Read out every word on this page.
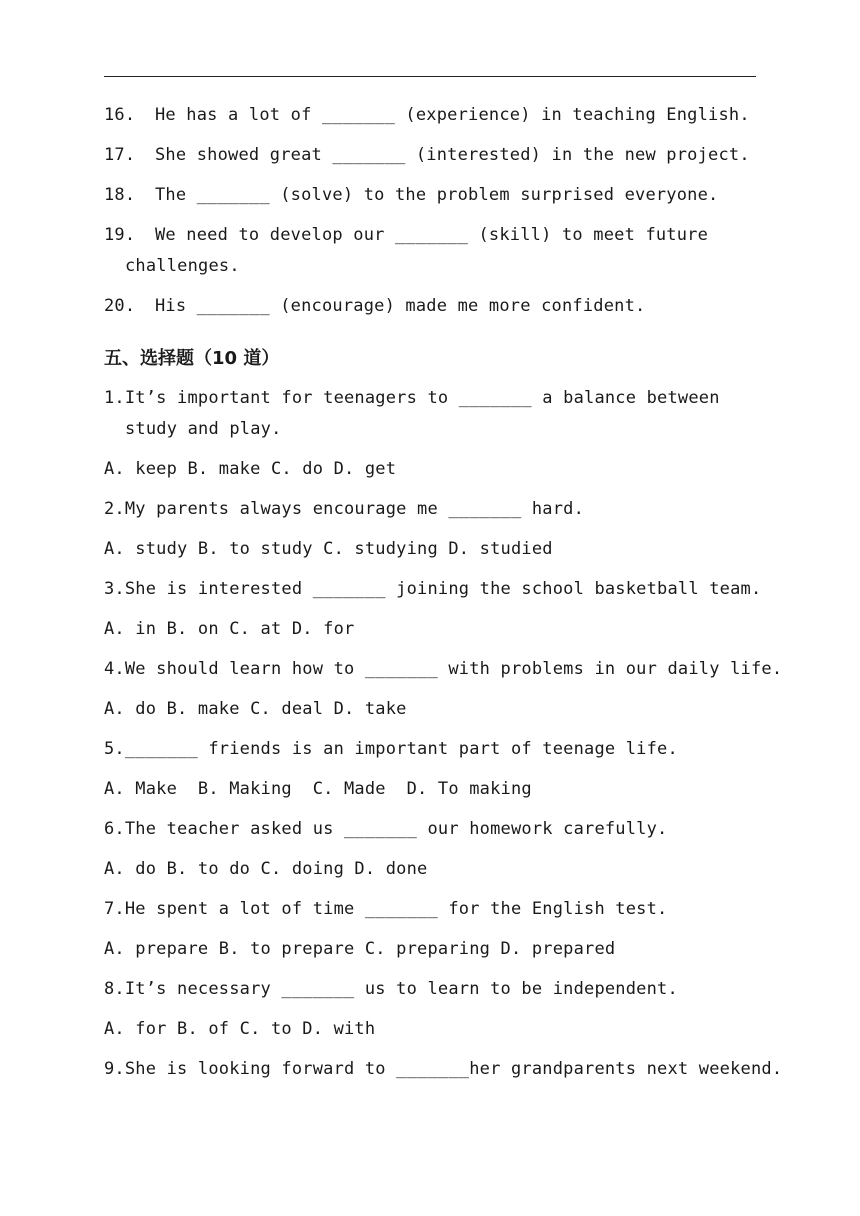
16. He has a lot of _______ (experience) in teaching English.
17. She showed great _______ (interested) in the new project.
18. The _______ (solve) to the problem surprised everyone.
19. We need to develop our _______ (skill) to meet future
challenges.
20. His _______ (encourage) made me more confident.
五、选择题（10 道）
1.It’s important for teenagers to _______ a balance between
study and play.
A. keep B. make C. do D. get
2.My parents always encourage me _______ hard.
A. study B. to study C. studying D. studied
3.She is interested _______ joining the school basketball team.
A. in B. on C. at D. for
4.We should learn how to _______ with problems in our daily life.
A. do B. make C. deal D. take
5._______ friends is an important part of teenage life.
A. Make  B. Making  C. Made  D. To making
6.The teacher asked us _______ our homework carefully.
A. do B. to do C. doing D. done
7.He spent a lot of time _______ for the English test.
A. prepare B. to prepare C. preparing D. prepared
8.It’s necessary _______ us to learn to be independent.
A. for B. of C. to D. with
9.She is looking forward to _______her grandparents next weekend.
